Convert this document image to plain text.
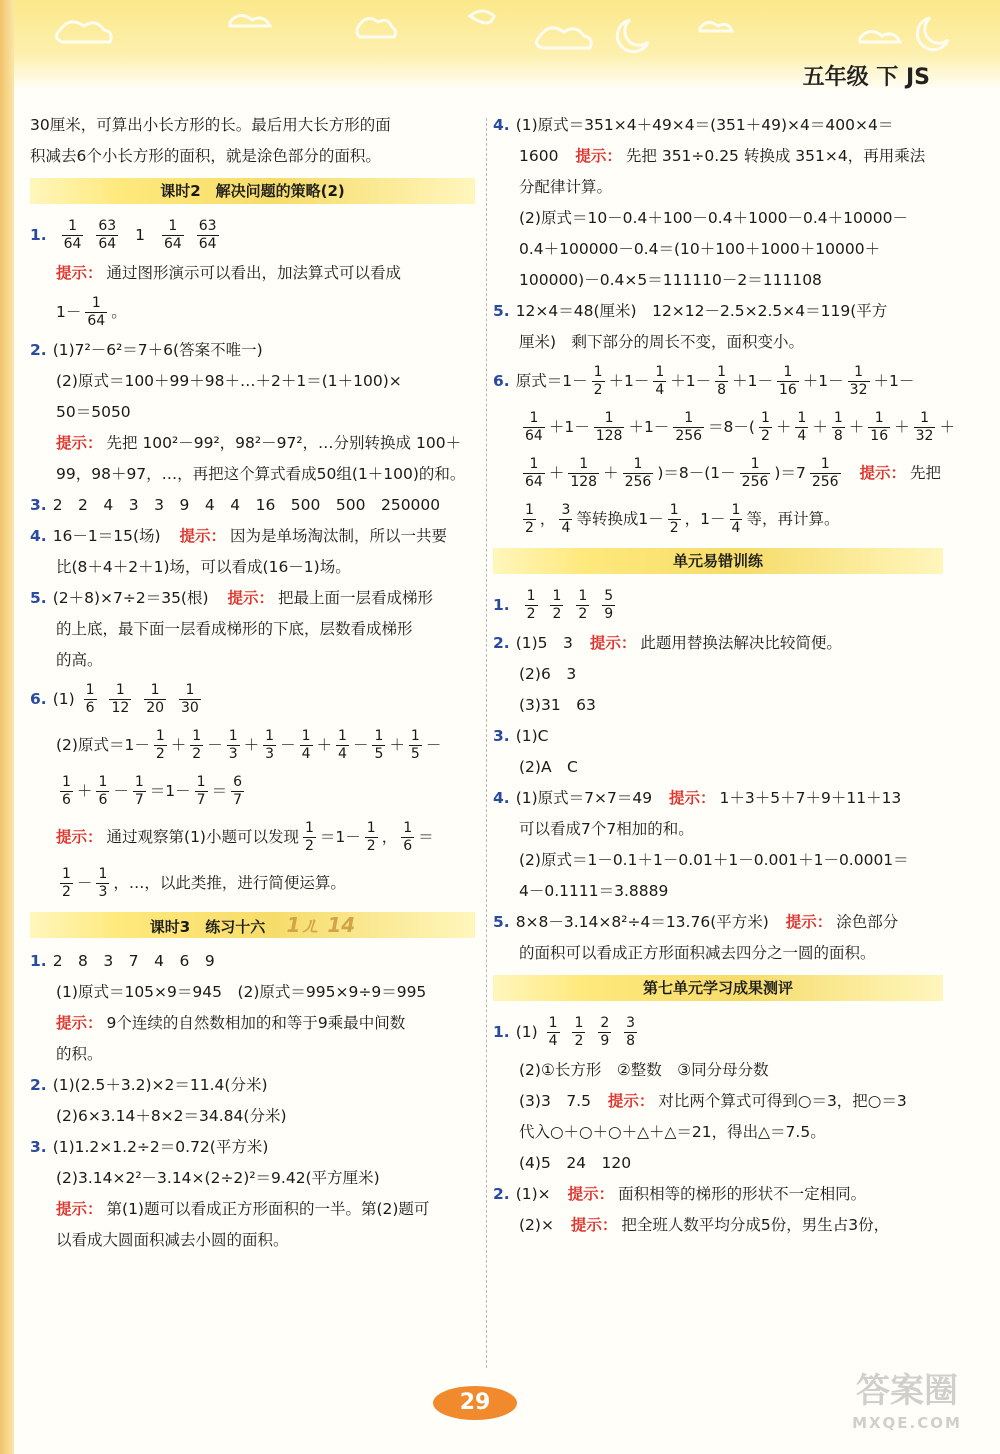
五年级 下 JS
30厘米，可算出小长方形的长。最后用大长方形的面
积减去6个小长方形的面积，就是涂色部分的面积。
课时2　解决问题的策略(2)
1. $\frac{1}{64}$
$\frac{63}{64} 1 \frac{1}{64}$
$\frac{63}{64}$
提示： 通过图形演示可以看出，加法算式可以看成
$1- \frac{1}{64}$ 。
2. (1)7²－6²＝7＋6(答案不唯一)
(2)原式＝100＋99＋98＋…＋2＋1＝(1＋100)×
50＝5050
提示： 先把 100²－99²，98²－97²，…分别转换成 100＋
99，98＋97，…，再把这个算式看成50组(1＋100)的和。
3. 2　2　4　3　3　9　4　4　16　500　500　250000
4. 16－1＝15(场) 提示： 因为是单场淘汰制，所以一共要
比(8＋4＋2＋1)场，可以看成(16－1)场。
5. (2＋8)×7÷2＝35(根) 提示： 把最上面一层看成梯形
的上底，最下面一层看成梯形的下底，层数看成梯形
的高。
6. $(1) \frac{1}{6}$
$\frac{1}{12}$
$\frac{1}{20}$
$\frac{1}{30}$
(2)原式$=1- \frac{1}{2} + \frac{1}{2} - \frac{1}{3} + \frac{1}{3} - \frac{1}{4} + \frac{1}{4} - \frac{1}{5} + \frac{1}{5}$ －
$\frac{1}{6} + \frac{1}{6} - \frac{1}{7} =1- \frac{1}{7} = \frac{6}{7}$
提示： 通过观察第(1)小题可以发现 $\frac{1}{2} =1- \frac{1}{2}$ ， $\frac{1}{6}$ ＝
$\frac{1}{2} - \frac{1}{3}$ ，…，以此类推，进行简便运算。
课时3　练习十六 1ㄦ 14
1. 2　8　3　7　4　6　9
(1)原式＝105×9＝945　(2)原式＝995×9÷9＝995
提示： 9个连续的自然数相加的和等于9乘最中间数
的积。
2. (1)(2.5＋3.2)×2＝11.4(分米)
(2)6×3.14＋8×2＝34.84(分米)
3. (1)1.2×1.2÷2＝0.72(平方米)
(2)3.14×2²－3.14×(2÷2)²＝9.42(平方厘米)
提示： 第(1)题可以看成正方形面积的一半。第(2)题可
以看成大圆面积减去小圆的面积。
4. (1)原式＝351×4＋49×4＝(351＋49)×4＝400×4＝
1600 提示： 先把 351÷0.25 转换成 351×4，再用乘法
分配律计算。
(2)原式＝10－0.4＋100－0.4＋1000－0.4＋10000－
0.4＋100000－0.4＝(10＋100＋1000＋10000＋
100000)－0.4×5＝111110－2＝111108
5. 12×4＝48(厘米)　12×12－2.5×2.5×4＝119(平方
厘米)　剩下部分的周长不变，面积变小。
6. 原式$=1- \frac{1}{2} +1- \frac{1}{4} +1- \frac{1}{8} +1- \frac{1}{16} +1- \frac{1}{32} +1-$
$\frac{1}{64} +1- \frac{1}{128} +1- \frac{1}{256} =8-( \frac{1}{2} + \frac{1}{4} + \frac{1}{8} + \frac{1}{16} + \frac{1}{32}$ ＋
$\frac{1}{64} + \frac{1}{128} + \frac{1}{256} )=8-(1- \frac{1}{256} )=7 \frac{1}{256}$ 提示： 先把
$\frac{1}{2}$ ， $\frac{3}{4}$ 等转换成$1- \frac{1}{2}$ ，$1- \frac{1}{4}$ 等，再计算。
单元易错训练
1. $\frac{1}{2}$
$\frac{1}{2}$
$\frac{1}{2}$
$\frac{5}{9}$
2. (1)5　3 提示： 此题用替换法解决比较简便。
(2)6　3
(3)31　63
3. (1)C
(2)A　C
4. (1)原式＝7×7＝49 提示： 1＋3＋5＋7＋9＋11＋13
可以看成7个7相加的和。
(2)原式＝1－0.1＋1－0.01＋1－0.001＋1－0.0001＝
4－0.1111＝3.8889
5. 8×8－3.14×8²÷4＝13.76(平方米) 提示： 涂色部分
的面积可以看成正方形面积减去四分之一圆的面积。
第七单元学习成果测评
1. $(1) \frac{1}{4}$
$\frac{1}{2}$
$\frac{2}{9}$
$\frac{3}{8}$
(2)①长方形　②整数　③同分母分数
(3)3　7.5 提示： 对比两个算式可得到○＝3，把○＝3
代入○＋○＋○＋△＋△＝21，得出△＝7.5。
(4)5　24　120
2. (1)× 提示： 面积相等的梯形的形状不一定相同。
(2)× 提示： 把全班人数平均分成5份，男生占3份，
29	答案圈
MXQE.COM
